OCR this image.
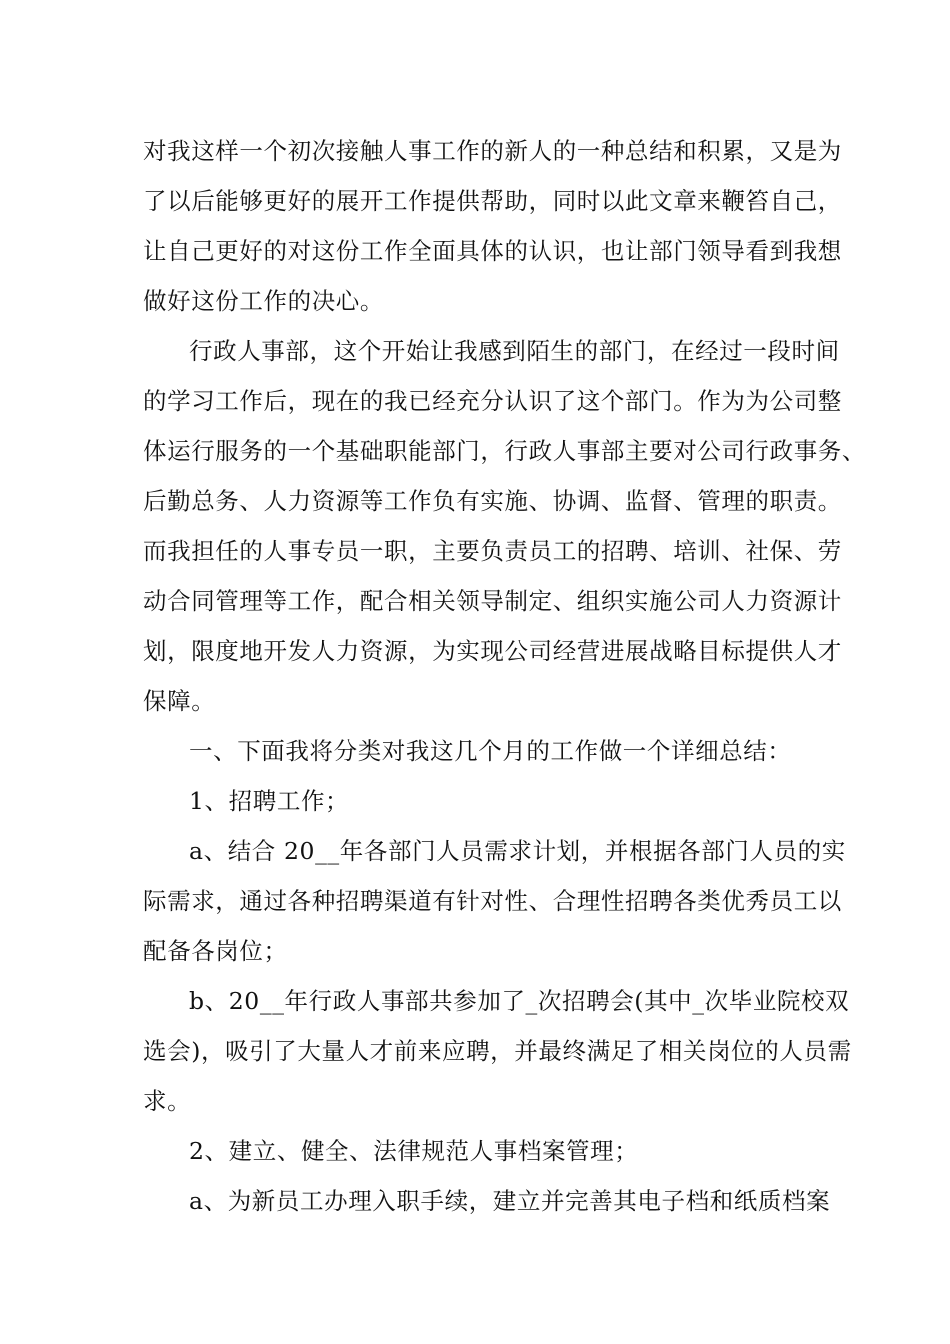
对我这样一个初次接触人事工作的新人的一种总结和积累，又是为
了以后能够更好的展开工作提供帮助，同时以此文章来鞭笞自己，
让自己更好的对这份工作全面具体的认识，也让部门领导看到我想
做好这份工作的决心。
行政人事部，这个开始让我感到陌生的部门，在经过一段时间
的学习工作后，现在的我已经充分认识了这个部门。作为为公司整
体运行服务的一个基础职能部门，行政人事部主要对公司行政事务、
后勤总务、人力资源等工作负有实施、协调、监督、管理的职责。
而我担任的人事专员一职，主要负责员工的招聘、培训、社保、劳
动合同管理等工作，配合相关领导制定、组织实施公司人力资源计
划，限度地开发人力资源，为实现公司经营进展战略目标提供人才
保障。
一、下面我将分类对我这几个月的工作做一个详细总结：
1、招聘工作；
a、结合 20__年各部门人员需求计划，并根据各部门人员的实
际需求，通过各种招聘渠道有针对性、合理性招聘各类优秀员工以
配备各岗位；
b、20__年行政人事部共参加了_次招聘会(其中_次毕业院校双
选会)，吸引了大量人才前来应聘，并最终满足了相关岗位的人员需
求。
2、建立、健全、法律规范人事档案管理；
a、为新员工办理入职手续，建立并完善其电子档和纸质档案
